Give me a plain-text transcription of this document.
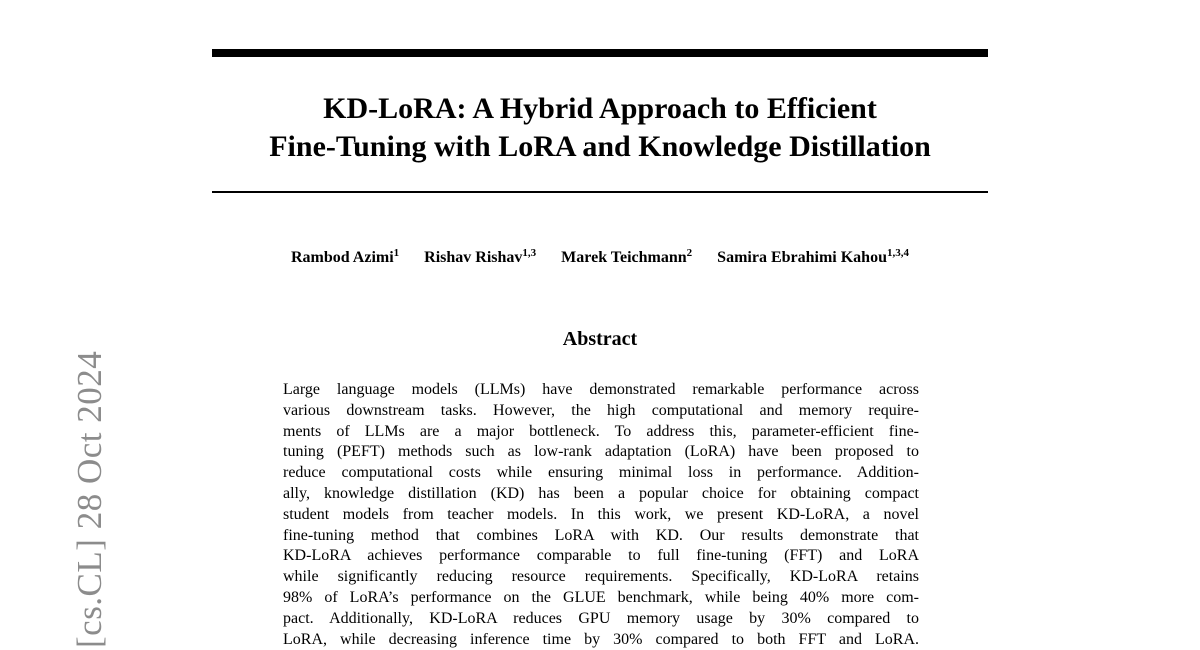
[cs.CL] 28 Oct 2024
KD-LoRA: A Hybrid Approach to Efficient
Fine-Tuning with LoRA and Knowledge Distillation
Rambod Azimi$^1$ Rishav Rishav$^{1,3}$ Marek Teichmann$^2$ Samira Ebrahimi Kahou$^{1,3,4}$
Abstract
Large language models (LLMs) have demonstrated remarkable performance across
various downstream tasks. However, the high computational and memory require-
ments of LLMs are a major bottleneck. To address this, parameter-efficient fine-
tuning (PEFT) methods such as low-rank adaptation (LoRA) have been proposed to
reduce computational costs while ensuring minimal loss in performance. Addition-
ally, knowledge distillation (KD) has been a popular choice for obtaining compact
student models from teacher models. In this work, we present KD-LoRA, a novel
fine-tuning method that combines LoRA with KD. Our results demonstrate that
KD-LoRA achieves performance comparable to full fine-tuning (FFT) and LoRA
while significantly reducing resource requirements. Specifically, KD-LoRA retains
98% of LoRA’s performance on the GLUE benchmark, while being 40% more com-
pact. Additionally, KD-LoRA reduces GPU memory usage by 30% compared to
LoRA, while decreasing inference time by 30% compared to both FFT and LoRA.
